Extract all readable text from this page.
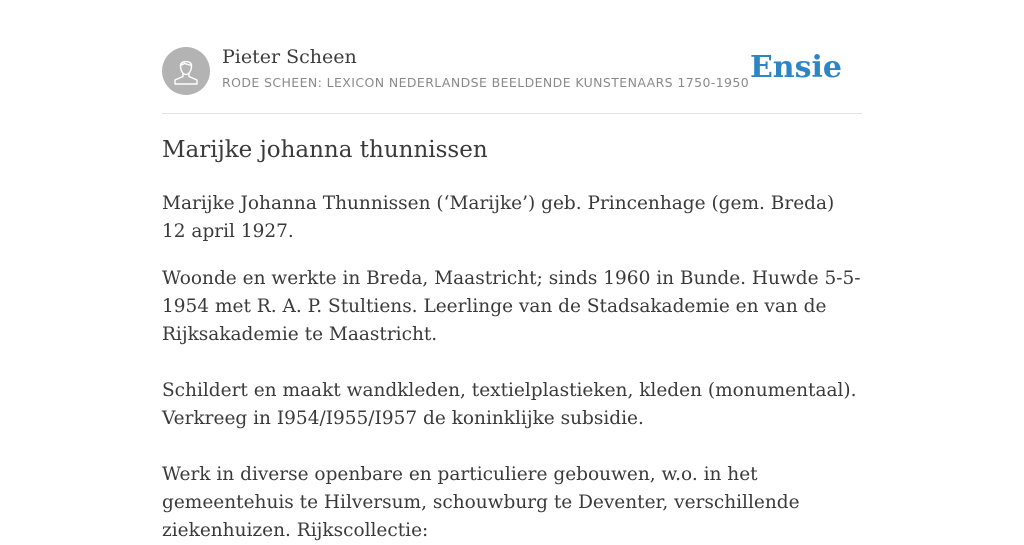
Pieter Scheen
RODE SCHEEN: LEXICON NEDERLANDSE BEELDENDE KUNSTENAARS 1750-1950 Ensie
Marijke johanna thunnissen

Marijke Johanna Thunnissen (‘Marijke’) geb. Princenhage (gem. Breda) 12 april 1927.

Woonde en werkte in Breda, Maastricht; sinds 1960 in Bunde. Huwde 5-5-1954 met R. A. P. Stultiens. Leerlinge van de Stadsakademie en van de Rijksakademie te Maastricht.

Schildert en maakt wandkleden, textielplastieken, kleden (monumentaal). Verkreeg in I954/I955/I957 de koninklijke subsidie.

Werk in diverse openbare en particuliere gebouwen, w.o. in het gemeentehuis te Hilversum, schouwburg te Deventer, verschillende ziekenhuizen. Rijkscollectie:
